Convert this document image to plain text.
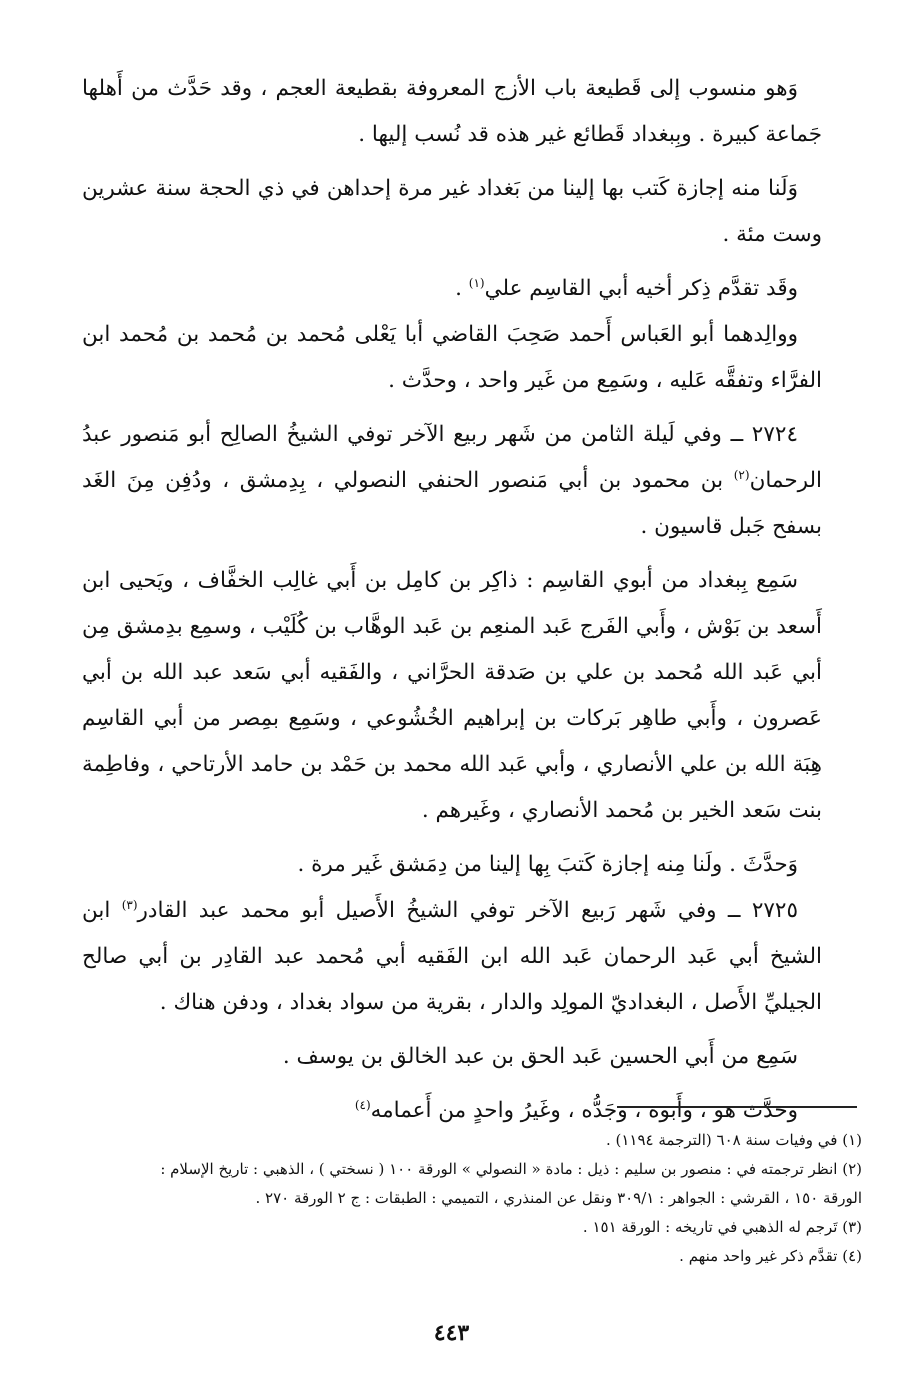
وَهو منسوب إلى قَطيعة باب الأزج المعروفة بقطيعة العجم ، وقد حَدَّث من أَهلها جَماعة كبيرة . وبِبغداد قَطائع غير هذه قد نُسب إليها .

وَلَنا منه إجازة كَتب بها إلينا من بَغداد غير مرة إحداهن في ذي الحجة سنة عشرين وست مئة .

وقَد تقدَّم ذِكر أخيه أبي القاسِم علي$^{(١)}$ .

ووالِدهما أبو العَباس أَحمد صَحِبَ القاضي أبا يَعْلى مُحمد بن مُحمد بن مُحمد ابن الفرَّاء وتفقَّه عَليه ، وسَمِع من غَير واحد ، وحدَّث .

٢٧٢٤ ــ وفي لَيلة الثامن من شَهر ربيع الآخر توفي الشيخُ الصالِح أبو مَنصور عبدُ الرحمان$^{(٢)}$ بن محمود بن أبي مَنصور الحنفي النصولي ، بِدِمشق ، ودُفِن مِنَ الغَد بسفح جَبل قاسيون .

سَمِع بِبغداد من أبوي القاسِم : ذاكِر بن كامِل بن أَبي غالِب الخفَّاف ، ويَحيى ابن أَسعد بن بَوْش ، وأَبي الفَرج عَبد المنعِم بن عَبد الوهَّاب بن كُلَيْب ، وسمِع بدِمشق مِن أبي عَبد الله مُحمد بن علي بن صَدقة الحرَّاني ، والفَقيه أبي سَعد عبد الله بن أبي عَصرون ، وأَبي طاهِر بَركات بن إبراهيم الخُشُوعي ، وسَمِع بمِصر من أبي القاسِم هِبَة الله بن علي الأنصاري ، وأبي عَبد الله محمد بن حَمْد بن حامد الأرتاحي ، وفاطِمة بنت سَعد الخير بن مُحمد الأنصاري ، وغَيرهم .

وَحدَّثَ . ولَنا مِنه إجازة كَتبَ بِها إلينا من دِمَشق غَير مرة .

٢٧٢٥ ــ وفي شَهر رَبيع الآخر توفي الشيخُ الأَصيل أبو محمد عبد القادر$^{(٣)}$ ابن الشيخ أبي عَبد الرحمان عَبد الله ابن الفَقيه أبي مُحمد عبد القادِر بن أبي صالح الجيليِّ الأَصل ، البغداديّ المولِد والدار ، بقرية من سواد بغداد ، ودفن هناك .

سَمِع من أَبي الحسين عَبد الحق بن عبد الخالق بن يوسف .

وحدَّث هو ، وأَبوه ، وجَدُّه ، وغَيرُ واحدٍ من أَعمامه$^{(٤)}$

(١) في وفيات سنة ٦٠٨ (الترجمة ١١٩٤) .

(٢) انظر ترجمته في : منصور بن سليم : ذيل : مادة « النصولي » الورقة ١٠٠ ( نسختي ) ، الذهبي : تاريخ الإسلام :

الورقة ١٥٠ ، القرشي : الجواهر : ٣٠٩/١ ونقل عن المنذري ، التميمي : الطبقات : ج ٢ الورقة ٢٧٠ .

(٣) تَرجم له الذهبي في تاريخه : الورقة ١٥١ .

(٤) تقدَّم ذكر غير واحد منهم .

٤٤٣
